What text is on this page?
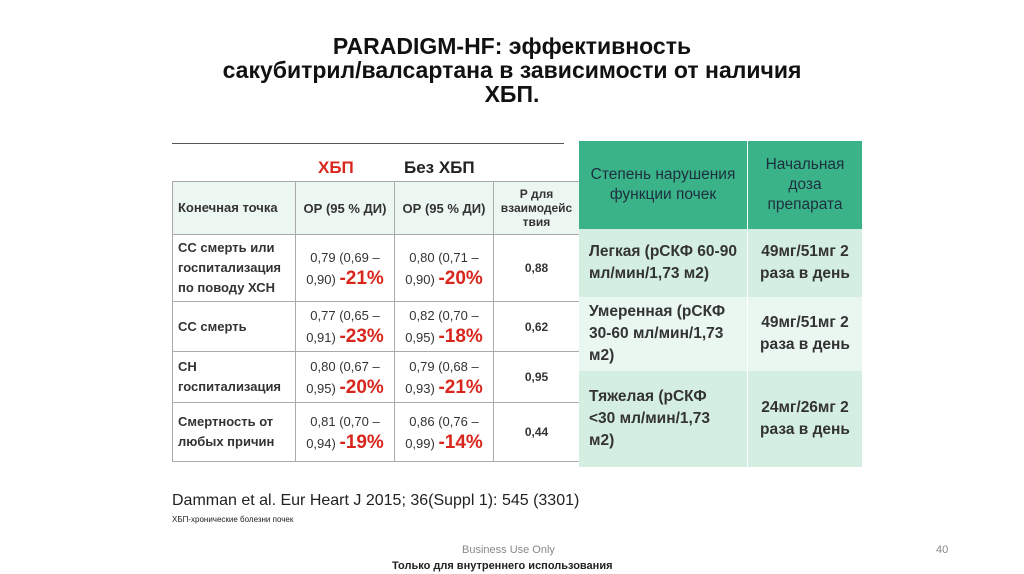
PARADIGM-HF: эффективность
сакубитрил/валсартана в зависимости от наличия
ХБП.
ХБП	Без ХБП
Конечная точка	ОР (95 % ДИ)	ОР (95 % ДИ)	Р для взаимодейс твия
СС смерть или госпитализация по поводу ХСН	0,79 (0,69 – 0,90) -21%	0,80 (0,71 – 0,90) -20%	0,88
СС смерть	0,77 (0,65 – 0,91) -23%	0,82 (0,70 – 0,95) -18%	0,62
СН госпитализация	0,80 (0,67 – 0,95) -20%	0,79 (0,68 – 0,93) -21%	0,95
Смертность от любых причин	0,81 (0,70 – 0,94) -19%	0,86 (0,76 – 0,99) -14%	0,44
Степень нарушения функции почек	Начальная доза препарата
Легкая (рСКФ 60-90 мл/мин/1,73 м2)	49мг/51мг 2 раза в день
Умеренная (рСКФ 30-60 мл/мин/1,73 м2)	49мг/51мг 2 раза в день
Тяжелая (рСКФ <30 мл/мин/1,73 м2)	24мг/26мг 2 раза в день
Damman et al. Eur Heart J 2015; 36(Suppl 1): 545 (3301)
ХБП-хронические болезни почек
Business Use Only
Только для внутреннего использования
40
